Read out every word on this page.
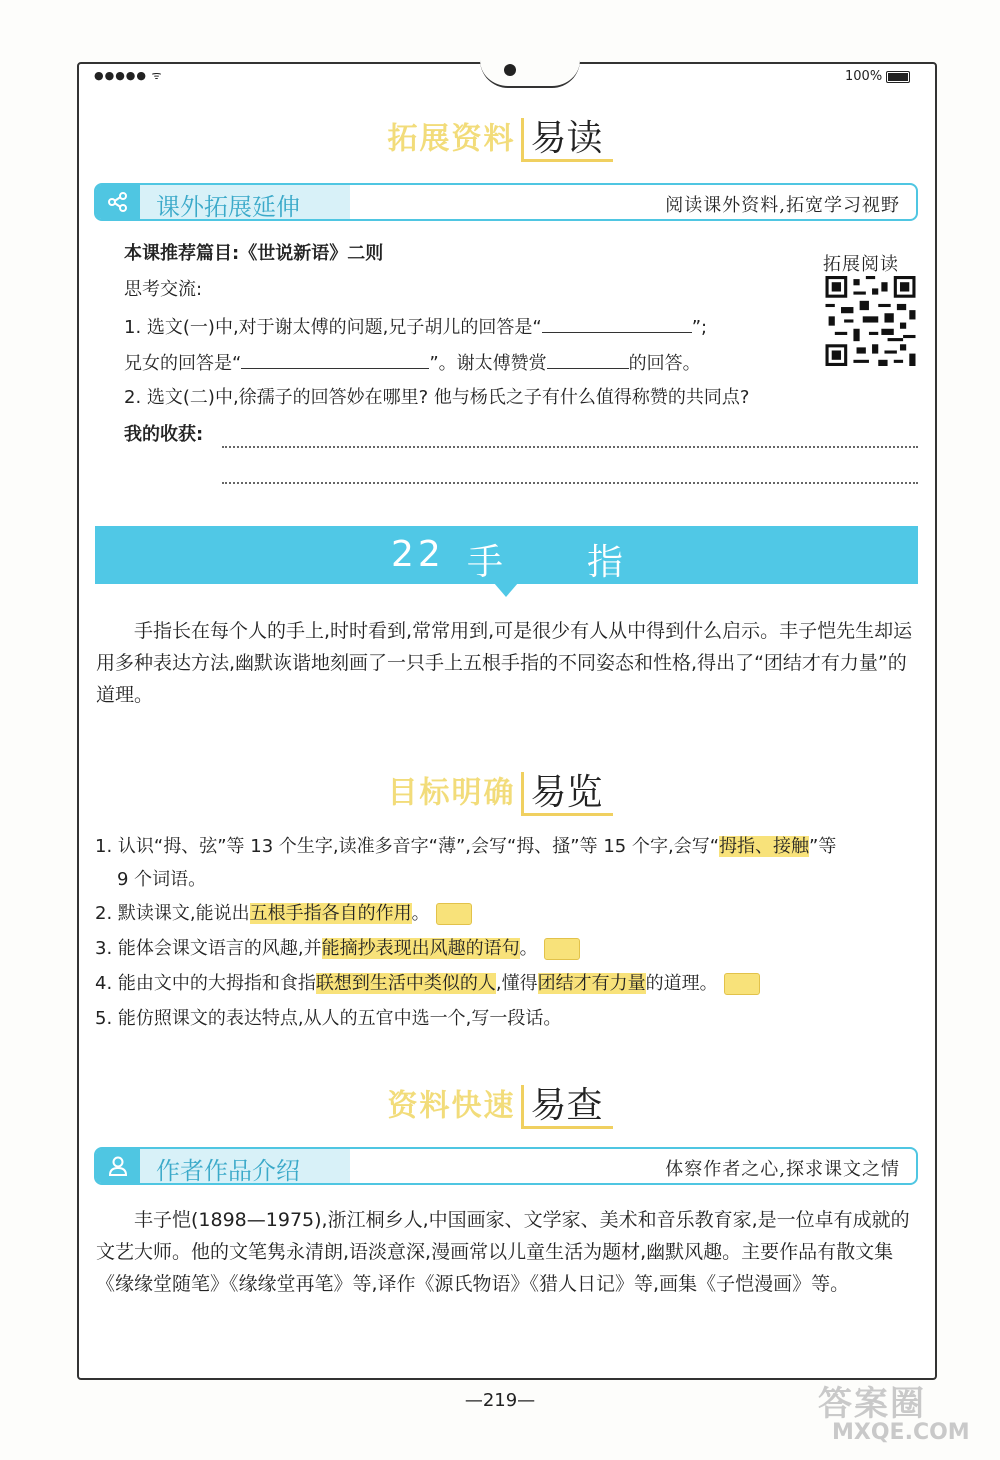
●●●●● ᯤ	100%
拓展资料 易读
课外拓展延伸	阅读课外资料,拓宽学习视野
本课推荐篇目:《世说新语》二则
思考交流:
1. 选文(一)中,对于谢太傅的问题,兄子胡儿的回答是“	”;
兄女的回答是“	”。谢太傅赞赏	的回答。
2. 选文(二)中,徐孺子的回答妙在哪里? 他与杨氏之子有什么值得称赞的共同点?
我的收获:
拓展阅读
22 手 指
手指长在每个人的手上,时时看到,常常用到,可是很少有人从中得到什么启示。丰子恺先生却运用多种表达方法,幽默诙谐地刻画了一只手上五根手指的不同姿态和性格,得出了“团结才有力量”的道理。
目标明确 易览
1. 认识“拇、弦”等 13 个生字,读准多音字“薄”,会写“拇、搔”等 15 个字,会写“拇指、接触”等
9 个词语。
2. 默读课文,能说出五根手指各自的作用。
3. 能体会课文语言的风趣,并能摘抄表现出风趣的语句。
4. 能由文中的大拇指和食指联想到生活中类似的人,懂得团结才有力量的道理。
5. 能仿照课文的表达特点,从人的五官中选一个,写一段话。
资料快速 易查
作者作品介绍	体察作者之心,探求课文之情
丰子恺(1898—1975),浙江桐乡人,中国画家、文学家、美术和音乐教育家,是一位卓有成就的文艺大师。他的文笔隽永清朗,语淡意深,漫画常以儿童生活为题材,幽默风趣。主要作品有散文集《缘缘堂随笔》《缘缘堂再笔》等,译作《源氏物语》《猎人日记》等,画集《子恺漫画》等。
—219—	答案圈
MXQE.COM
